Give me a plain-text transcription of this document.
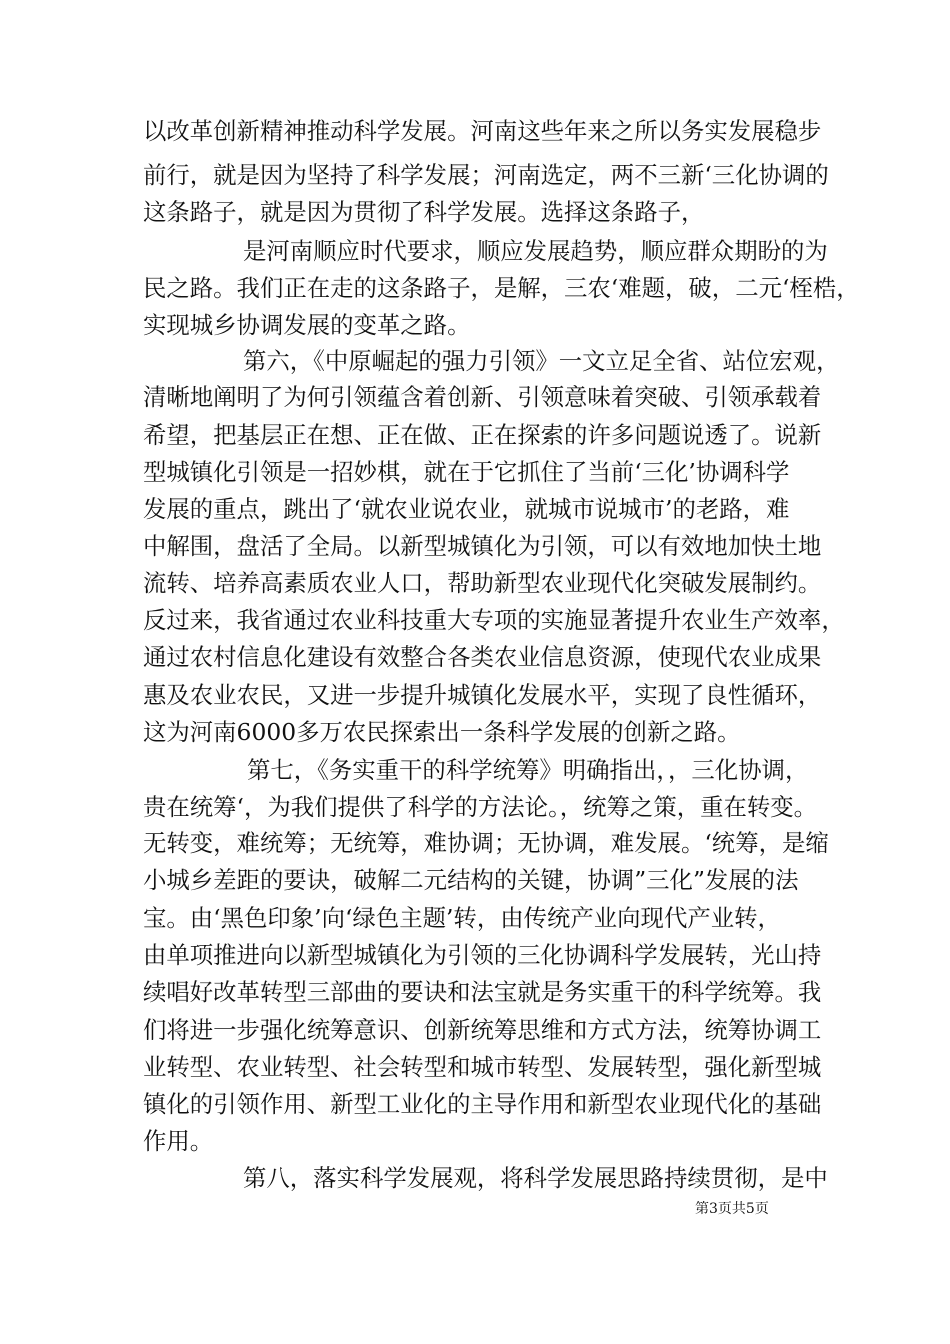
以改革创新精神推动科学发展。河南这些年来之所以务实发展稳步
前行，就是因为坚持了科学发展；河南选定，两不三新‘三化协调的
这条路子，就是因为贯彻了科学发展。选择这条路子，
是河南顺应时代要求，顺应发展趋势，顺应群众期盼的为
民之路。我们正在走的这条路子，是解，三农‘难题，破，二元‘桎梏，
实现城乡协调发展的变革之路。
第六，《中原崛起的强力引领》一文立足全省、站位宏观，
清晰地阐明了为何引领蕴含着创新、引领意味着突破、引领承载着
希望，把基层正在想、正在做、正在探索的许多问题说透了。说新
型城镇化引领是一招妙棋，就在于它抓住了当前‘三化’协调科学
发展的重点，跳出了‘就农业说农业，就城市说城市’的老路，难
中解围，盘活了全局。以新型城镇化为引领，可以有效地加快土地
流转、培养高素质农业人口，帮助新型农业现代化突破发展制约。
反过来，我省通过农业科技重大专项的实施显著提升农业生产效率，
通过农村信息化建设有效整合各类农业信息资源，使现代农业成果
惠及农业农民，又进一步提升城镇化发展水平，实现了良性循环，
这为河南6000多万农民探索出一条科学发展的创新之路。
第七，《务实重干的科学统筹》明确指出，，三化协调，
贵在统筹‘，为我们提供了科学的方法论。，统筹之策，重在转变。
无转变，难统筹；无统筹，难协调；无协调，难发展。‘统筹，是缩
小城乡差距的要诀，破解二元结构的关键，协调”三化”发展的法
宝。由‘黑色印象’向‘绿色主题’转，由传统产业向现代产业转，
由单项推进向以新型城镇化为引领的三化协调科学发展转，光山持
续唱好改革转型三部曲的要诀和法宝就是务实重干的科学统筹。我
们将进一步强化统筹意识、创新统筹思维和方式方法，统筹协调工
业转型、农业转型、社会转型和城市转型、发展转型，强化新型城
镇化的引领作用、新型工业化的主导作用和新型农业现代化的基础
作用。
第八，落实科学发展观，将科学发展思路持续贯彻，是中
第3页共5页
